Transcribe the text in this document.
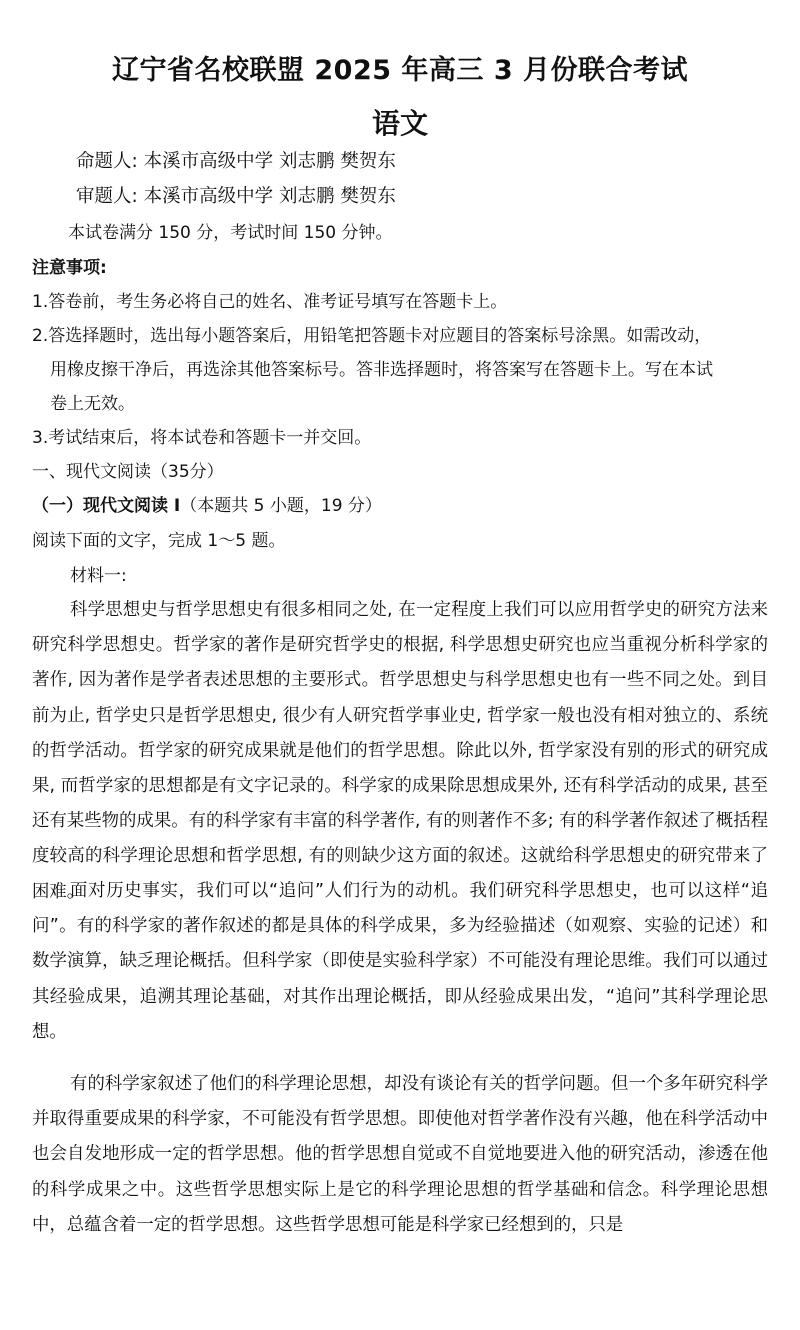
辽宁省名校联盟 2025 年高三 3 月份联合考试
语文
命题人: 本溪市高级中学 刘志鹏 樊贺东
审题人: 本溪市高级中学 刘志鹏 樊贺东
本试卷满分 150 分，考试时间 150 分钟。
注意事项:
1.答卷前，考生务必将自己的姓名、准考证号填写在答题卡上。
2.答选择题时，选出每小题答案后，用铅笔把答题卡对应题目的答案标号涂黑。如需改动，
用橡皮擦干净后，再选涂其他答案标号。答非选择题时，将答案写在答题卡上。写在本试
卷上无效。
3.考试结束后，将本试卷和答题卡一并交回。
一、现代文阅读（35分）
（一）现代文阅读 I（本题共 5 小题，19 分）
阅读下面的文字，完成 1～5 题。
材料一:
科学思想史与哲学思想史有很多相同之处, 在一定程度上我们可以应用哲学史的研究方法来研究科学思想史。哲学家的著作是研究哲学史的根据, 科学思想史研究也应当重视分析科学家的著作, 因为著作是学者表述思想的主要形式。哲学思想史与科学思想史也有一些不同之处。到目前为止, 哲学史只是哲学思想史, 很少有人研究哲学事业史, 哲学家一般也没有相对独立的、系统的哲学活动。哲学家的研究成果就是他们的哲学思想。除此以外, 哲学家没有别的形式的研究成果, 而哲学家的思想都是有文字记录的。科学家的成果除思想成果外, 还有科学活动的成果, 甚至还有某些物的成果。有的科学家有丰富的科学著作, 有的则著作不多; 有的科学著作叙述了概括程度较高的科学理论思想和哲学思想, 有的则缺少这方面的叙述。这就给科学思想史的研究带来了困难。
面对历史事实，我们可以“追问”人们行为的动机。我们研究科学思想史，也可以这样“追问”。有的科学家的著作叙述的都是具体的科学成果，多为经验描述（如观察、实验的记述）和数学演算，缺乏理论概括。但科学家（即使是实验科学家）不可能没有理论思维。我们可以通过其经验成果，追溯其理论基础，对其作出理论概括，即从经验成果出发，“追问”其科学理论思想。
有的科学家叙述了他们的科学理论思想，却没有谈论有关的哲学问题。但一个多年研究科学并取得重要成果的科学家，不可能没有哲学思想。即使他对哲学著作没有兴趣，他在科学活动中也会自发地形成一定的哲学思想。他的哲学思想自觉或不自觉地要进入他的研究活动，渗透在他的科学成果之中。这些哲学思想实际上是它的科学理论思想的哲学基础和信念。科学理论思想中，总蕴含着一定的哲学思想。这些哲学思想可能是科学家已经想到的，只是
